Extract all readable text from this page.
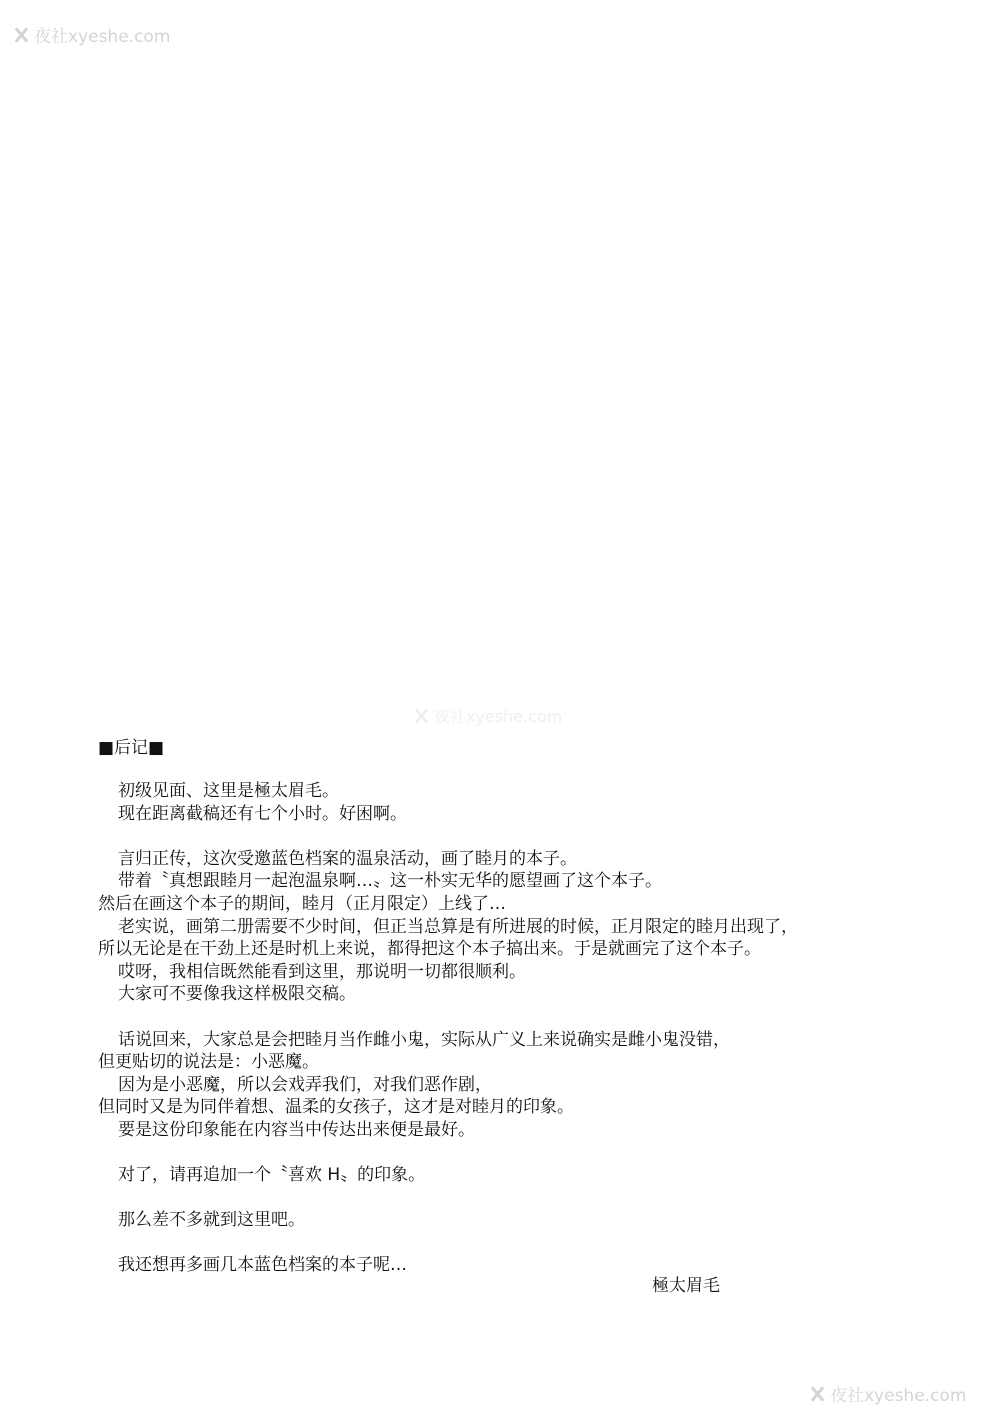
夜社xyeshe.com
夜社xyeshe.com
■后记■
初级见面、这里是極太眉毛。
现在距离截稿还有七个小时。好困啊。
言归正传，这次受邀蓝色档案的温泉活动，画了睦月的本子。
带着〝真想跟睦月一起泡温泉啊…〟这一朴实无华的愿望画了这个本子。
然后在画这个本子的期间，睦月（正月限定）上线了…
老实说，画第二册需要不少时间，但正当总算是有所进展的时候，正月限定的睦月出现了，
所以无论是在干劲上还是时机上来说，都得把这个本子搞出来。于是就画完了这个本子。
哎呀，我相信既然能看到这里，那说明一切都很顺利。
大家可不要像我这样极限交稿。
话说回来，大家总是会把睦月当作雌小鬼，实际从广义上来说确实是雌小鬼没错，
但更贴切的说法是：小恶魔。
因为是小恶魔，所以会戏弄我们，对我们恶作剧，
但同时又是为同伴着想、温柔的女孩子，这才是对睦月的印象。
要是这份印象能在内容当中传达出来便是最好。
对了，请再追加一个〝喜欢 H〟的印象。
那么差不多就到这里吧。
我还想再多画几本蓝色档案的本子呢…
極太眉毛
夜社xyeshe.com
